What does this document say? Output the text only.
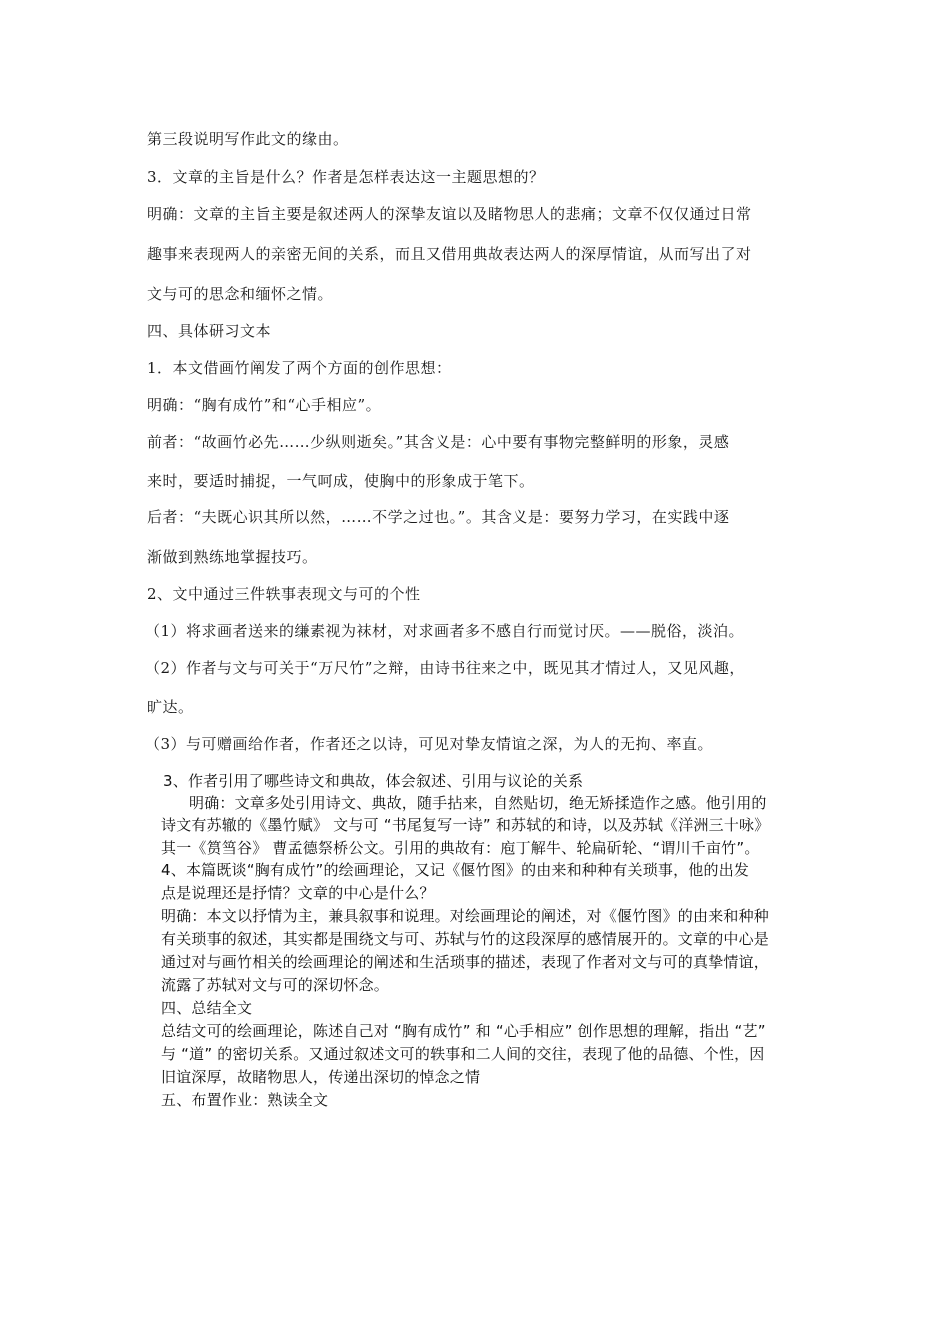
第三段说明写作此文的缘由。
3．文章的主旨是什么？作者是怎样表达这一主题思想的？
明确：文章的主旨主要是叙述两人的深挚友谊以及睹物思人的悲痛；文章不仅仅通过日常
趣事来表现两人的亲密无间的关系，而且又借用典故表达两人的深厚情谊，从而写出了对
文与可的思念和缅怀之情。
四、具体研习文本
1．本文借画竹阐发了两个方面的创作思想：
明确：“胸有成竹”和“心手相应”。
前者：“故画竹必先……少纵则逝矣。”其含义是：心中要有事物完整鲜明的形象，灵感
来时，要适时捕捉，一气呵成，使胸中的形象成于笔下。
后者：“夫既心识其所以然，……不学之过也。”。其含义是：要努力学习，在实践中逐
渐做到熟练地掌握技巧。
2、文中通过三件轶事表现文与可的个性
（1）将求画者送来的缣素视为袜材，对求画者多不感自行而觉讨厌。——脱俗，淡泊。
（2）作者与文与可关于“万尺竹”之辩，由诗书往来之中，既见其才情过人，又见风趣，
旷达。
（3）与可赠画给作者，作者还之以诗，可见对挚友情谊之深，为人的无拘、率直。
3、作者引用了哪些诗文和典故，体会叙述、引用与议论的关系
明确：文章多处引用诗文、典故，随手拈来，自然贴切，绝无矫揉造作之感。他引用的
诗文有苏辙的《墨竹赋》 文与可 “书尾复写一诗” 和苏轼的和诗，以及苏轼《洋洲三十咏》
其一《筼筜谷》 曹孟德祭桥公文。引用的典故有：庖丁解牛、轮扁斫轮、“谓川千亩竹”。
4、本篇既谈“胸有成竹”的绘画理论，又记《偃竹图》的由来和种种有关琐事，他的出发
点是说理还是抒情？文章的中心是什么？
明确：本文以抒情为主，兼具叙事和说理。对绘画理论的阐述，对《偃竹图》的由来和种种
有关琐事的叙述，其实都是围绕文与可、苏轼与竹的这段深厚的感情展开的。文章的中心是
通过对与画竹相关的绘画理论的阐述和生活琐事的描述，表现了作者对文与可的真挚情谊，
流露了苏轼对文与可的深切怀念。
四、总结全文
总结文可的绘画理论，陈述自己对 “胸有成竹” 和 “心手相应” 创作思想的理解，指出 “艺”
与 “道” 的密切关系。又通过叙述文可的轶事和二人间的交往，表现了他的品德、个性，因
旧谊深厚，故睹物思人，传递出深切的悼念之情
五、布置作业：熟读全文
